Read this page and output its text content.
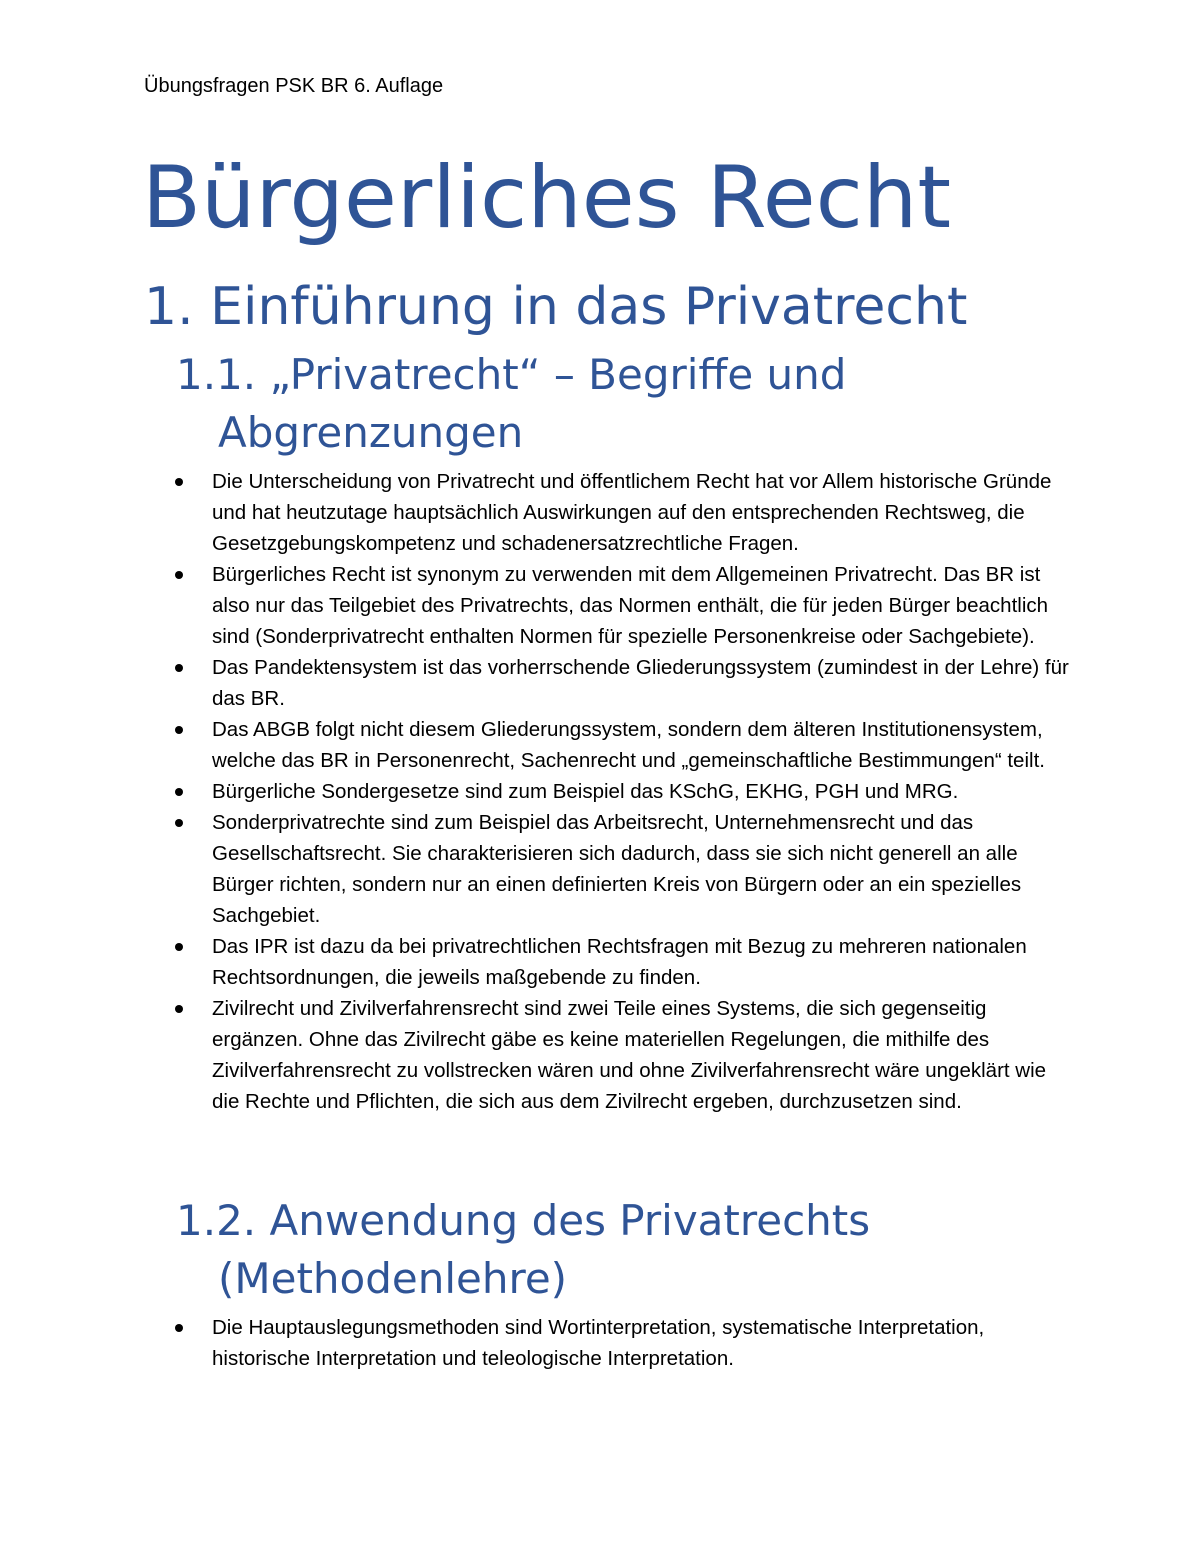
Übungsfragen PSK BR 6. Auflage
Bürgerliches Recht
1. Einführung in das Privatrecht
1.1. „Privatrecht“ – Begriffe und
Abgrenzungen
Die Unterscheidung von Privatrecht und öffentlichem Recht hat vor Allem historische Gründe und hat heutzutage hauptsächlich Auswirkungen auf den entsprechenden Rechtsweg, die Gesetzgebungskompetenz und schadenersatzrechtliche Fragen.
Bürgerliches Recht ist synonym zu verwenden mit dem Allgemeinen Privatrecht. Das BR ist also nur das Teilgebiet des Privatrechts, das Normen enthält, die für jeden Bürger beachtlich sind (Sonderprivatrecht enthalten Normen für spezielle Personenkreise oder Sachgebiete).
Das Pandektensystem ist das vorherrschende Gliederungssystem (zumindest in der Lehre) für das BR.
Das ABGB folgt nicht diesem Gliederungssystem, sondern dem älteren Institutionensystem, welche das BR in Personenrecht, Sachenrecht und „gemeinschaftliche Bestimmungen“ teilt.
Bürgerliche Sondergesetze sind zum Beispiel das KSchG, EKHG, PGH und MRG.
Sonderprivatrechte sind zum Beispiel das Arbeitsrecht, Unternehmensrecht und das Gesellschaftsrecht. Sie charakterisieren sich dadurch, dass sie sich nicht generell an alle Bürger richten, sondern nur an einen definierten Kreis von Bürgern oder an ein spezielles Sachgebiet.
Das IPR ist dazu da bei privatrechtlichen Rechtsfragen mit Bezug zu mehreren nationalen Rechtsordnungen, die jeweils maßgebende zu finden.
Zivilrecht und Zivilverfahrensrecht sind zwei Teile eines Systems, die sich gegenseitig ergänzen. Ohne das Zivilrecht gäbe es keine materiellen Regelungen, die mithilfe des Zivilverfahrensrecht zu vollstrecken wären und ohne Zivilverfahrensrecht wäre ungeklärt wie die Rechte und Pflichten, die sich aus dem Zivilrecht ergeben, durchzusetzen sind.
1.2. Anwendung des Privatrechts
(Methodenlehre)
Die Hauptauslegungsmethoden sind Wortinterpretation, systematische Interpretation, historische Interpretation und teleologische Interpretation.
